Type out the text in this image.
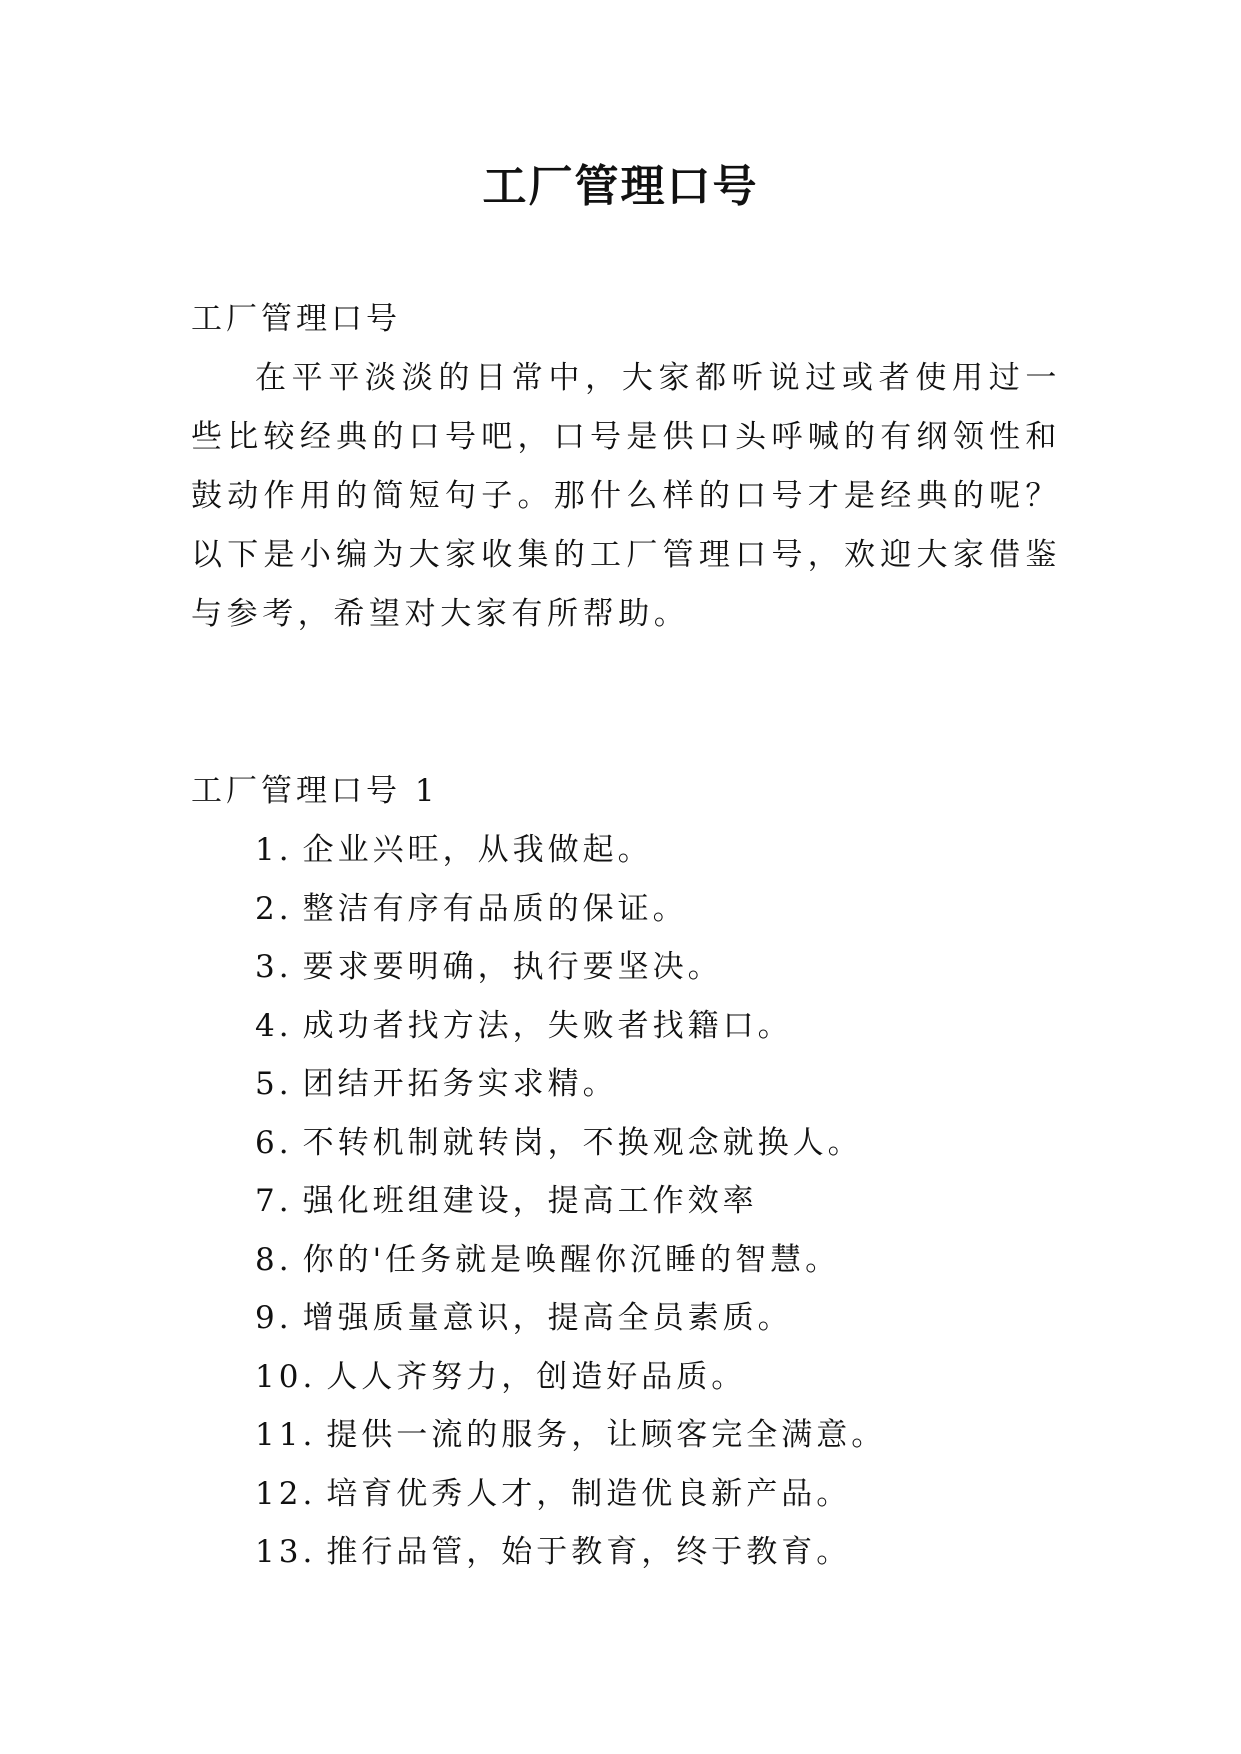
工厂管理口号
工厂管理口号
在平平淡淡的日常中，大家都听说过或者使用过一些比较经典的口号吧，口号是供口头呼喊的有纲领性和鼓动作用的简短句子。那什么样的口号才是经典的呢？以下是小编为大家收集的工厂管理口号，欢迎大家借鉴与参考，希望对大家有所帮助。
工厂管理口号 1
1. 企业兴旺，从我做起。
2. 整洁有序有品质的保证。
3. 要求要明确，执行要坚决。
4. 成功者找方法，失败者找籍口。
5. 团结开拓务实求精。
6. 不转机制就转岗，不换观念就换人。
7. 强化班组建设，提高工作效率
8. 你的'任务就是唤醒你沉睡的智慧。
9. 增强质量意识，提高全员素质。
10. 人人齐努力，创造好品质。
11. 提供一流的服务，让顾客完全满意。
12. 培育优秀人才，制造优良新产品。
13. 推行品管，始于教育，终于教育。
